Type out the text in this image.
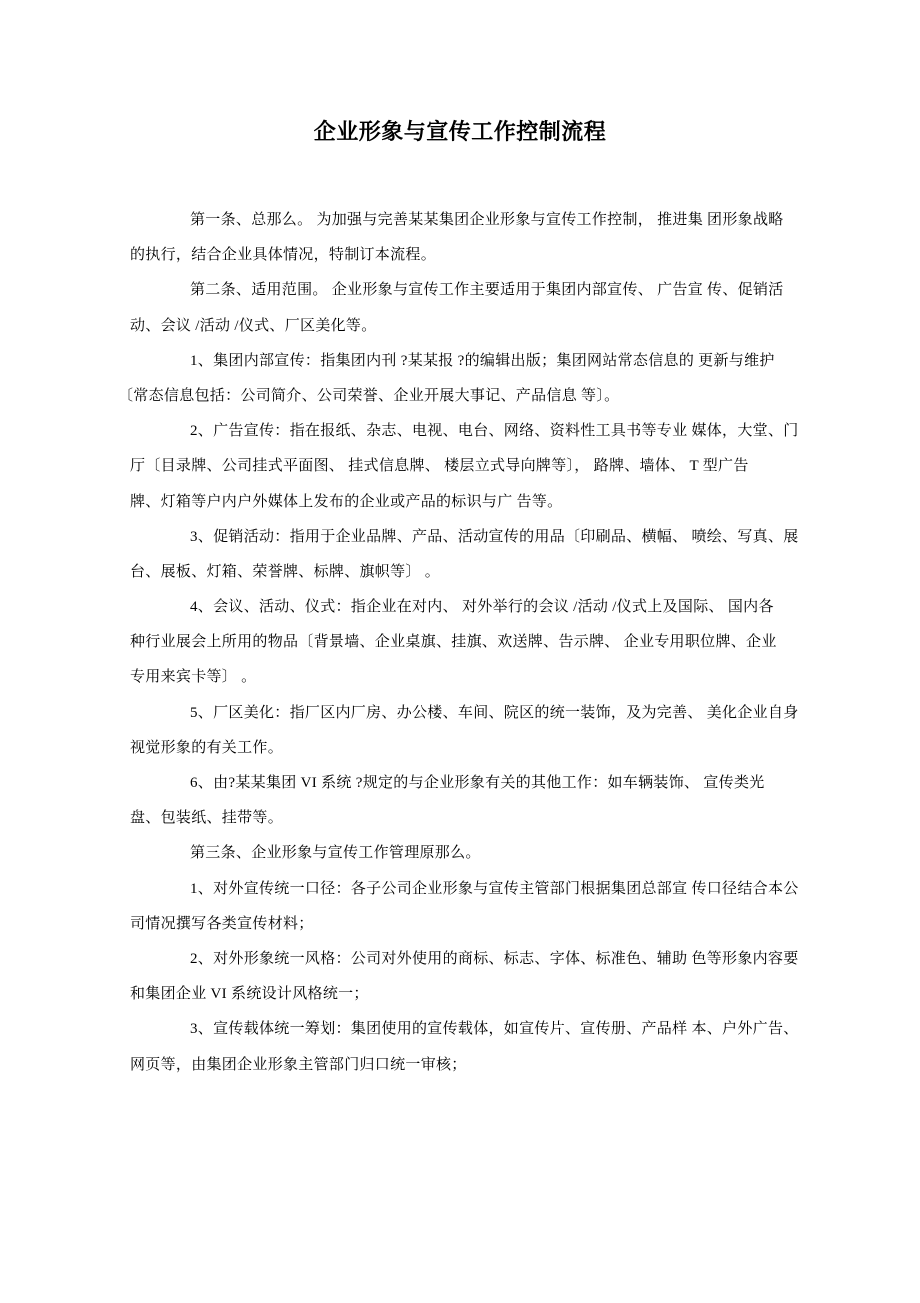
企业形象与宣传工作控制流程
第一条、总那么。 为加强与完善某某集团企业形象与宣传工作控制， 推进集 团形象战略
的执行，结合企业具体情况，特制订本流程。
第二条、适用范围。 企业形象与宣传工作主要适用于集团内部宣传、 广告宣 传、促销活
动、会议 /活动 /仪式、厂区美化等。
1、集团内部宣传：指集团内刊 ?某某报 ?的编辑出版；集团网站常态信息的 更新与维护
〔常态信息包括：公司简介、公司荣誉、企业开展大事记、产品信息 等〕。
2、广告宣传：指在报纸、杂志、电视、电台、网络、资料性工具书等专业 媒体，大堂、门
厅〔目录牌、公司挂式平面图、 挂式信息牌、 楼层立式导向牌等〕， 路牌、墙体、 T 型广告
牌、灯箱等户内户外媒体上发布的企业或产品的标识与广 告等。
3、促销活动：指用于企业品牌、产品、活动宣传的用品〔印刷品、横幅、 喷绘、写真、展
台、展板、灯箱、荣誉牌、标牌、旗帜等〕 。
4、会议、活动、仪式：指企业在对内、 对外举行的会议 /活动 /仪式上及国际、 国内各
种行业展会上所用的物品〔背景墙、企业桌旗、挂旗、欢送牌、告示牌、 企业专用职位牌、企业
专用来宾卡等〕 。
5、厂区美化：指厂区内厂房、办公楼、车间、院区的统一装饰，及为完善、 美化企业自身
视觉形象的有关工作。
6、由?某某集团 VI 系统 ?规定的与企业形象有关的其他工作：如车辆装饰、 宣传类光
盘、包装纸、挂带等。
第三条、企业形象与宣传工作管理原那么。
1、对外宣传统一口径：各子公司企业形象与宣传主管部门根据集团总部宣 传口径结合本公
司情况撰写各类宣传材料；
2、对外形象统一风格：公司对外使用的商标、标志、字体、标准色、辅助 色等形象内容要
和集团企业 VI 系统设计风格统一；
3、宣传载体统一筹划：集团使用的宣传载体，如宣传片、宣传册、产品样 本、户外广告、
网页等，由集团企业形象主管部门归口统一审核；
